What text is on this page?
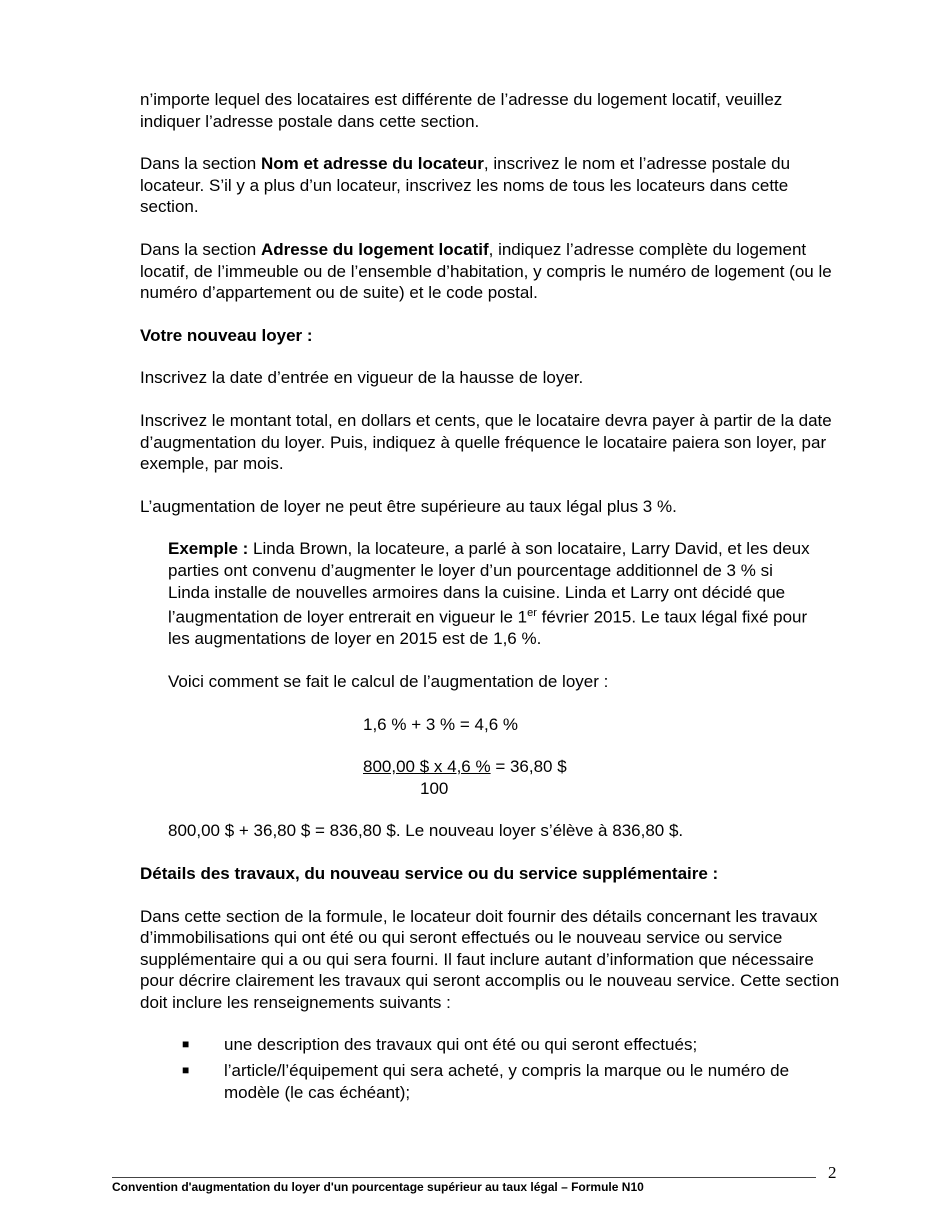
n’importe lequel des locataires est différente de l’adresse du logement locatif, veuillez indiquer l’adresse postale dans cette section.

Dans la section Nom et adresse du locateur, inscrivez le nom et l’adresse postale du locateur. S’il y a plus d’un locateur, inscrivez les noms de tous les locateurs dans cette section.

Dans la section Adresse du logement locatif, indiquez l’adresse complète du logement locatif, de l’immeuble ou de l’ensemble d’habitation, y compris le numéro de logement (ou le numéro d’appartement ou de suite) et le code postal.

Votre nouveau loyer :

Inscrivez la date d’entrée en vigueur de la hausse de loyer.

Inscrivez le montant total, en dollars et cents, que le locataire devra payer à partir de la date d’augmentation du loyer. Puis, indiquez à quelle fréquence le locataire paiera son loyer, par exemple, par mois.

L’augmentation de loyer ne peut être supérieure au taux légal plus 3 %.

Exemple : Linda Brown, la locateure, a parlé à son locataire, Larry David, et les deux parties ont convenu d’augmenter le loyer d’un pourcentage additionnel de 3 % si Linda installe de nouvelles armoires dans la cuisine. Linda et Larry ont décidé que l’augmentation de loyer entrerait en vigueur le 1er février 2015. Le taux légal fixé pour les augmentations de loyer en 2015 est de 1,6 %.

Voici comment se fait le calcul de l’augmentation de loyer :

1,6 % + 3 % = 4,6 %
800,00 $ x 4,6 % = 36,80 $
100

800,00 $ + 36,80 $ = 836,80 $. Le nouveau loyer s’élève à 836,80 $.

Détails des travaux, du nouveau service ou du service supplémentaire :

Dans cette section de la formule, le locateur doit fournir des détails concernant les travaux d’immobilisations qui ont été ou qui seront effectués ou le nouveau service ou service supplémentaire qui a ou qui sera fourni. Il faut inclure autant d’information que nécessaire pour décrire clairement les travaux qui seront accomplis ou le nouveau service. Cette section doit inclure les renseignements suivants :

■ une description des travaux qui ont été ou qui seront effectués;
■ l’article/l’équipement qui sera acheté, y compris la marque ou le numéro de modèle (le cas échéant);
2
Convention d'augmentation du loyer d'un pourcentage supérieur au taux légal – Formule N10
